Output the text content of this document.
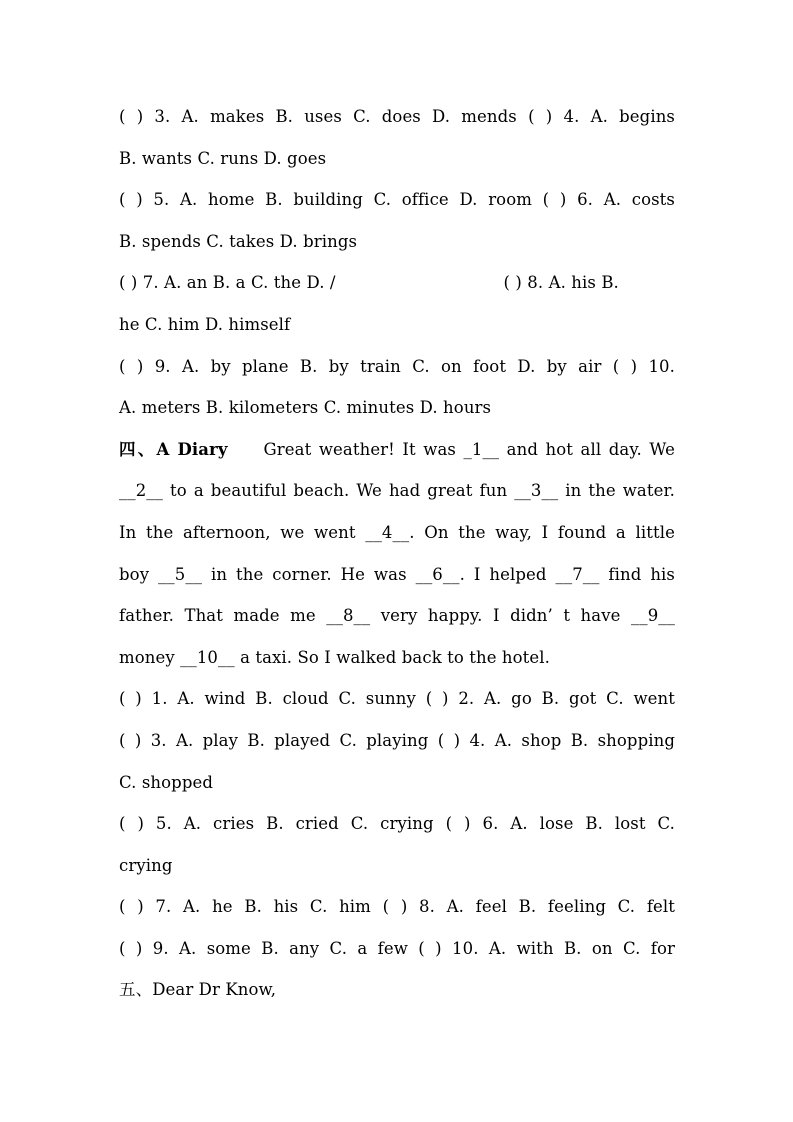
( ) 3. A. makes B. uses C. does D. mends ( ) 4. A. begins
B. wants C. runs D. goes
( ) 5. A. home B. building C. office D. room ( ) 6. A. costs
B. spends C. takes D. brings
( ) 7. A. an B. a C. the D. /	( ) 8. A. his B.
he C. him D. himself
( ) 9. A. by plane B. by train C. on foot D. by air ( ) 10.
A. meters B. kilometers C. minutes D. hours
四、A Diary Great weather! It was _1__ and hot all day. We
__2__ to a beautiful beach. We had great fun __3__ in the water.
In the afternoon, we went __4__. On the way, I found a little
boy __5__ in the corner. He was __6__. I helped __7__ find his
father. That made me __8__ very happy. I didn’ t have __9__
money __10__ a taxi. So I walked back to the hotel.
( ) 1. A. wind B. cloud C. sunny ( ) 2. A. go B. got C. went
( ) 3. A. play B. played C. playing ( ) 4. A. shop B. shopping
C. shopped
( ) 5. A. cries B. cried C. crying ( ) 6. A. lose B. lost C.
crying
( ) 7. A. he B. his C. him ( ) 8. A. feel B. feeling C. felt
( ) 9. A. some B. any C. a few ( ) 10. A. with B. on C. for
五、Dear Dr Know,
